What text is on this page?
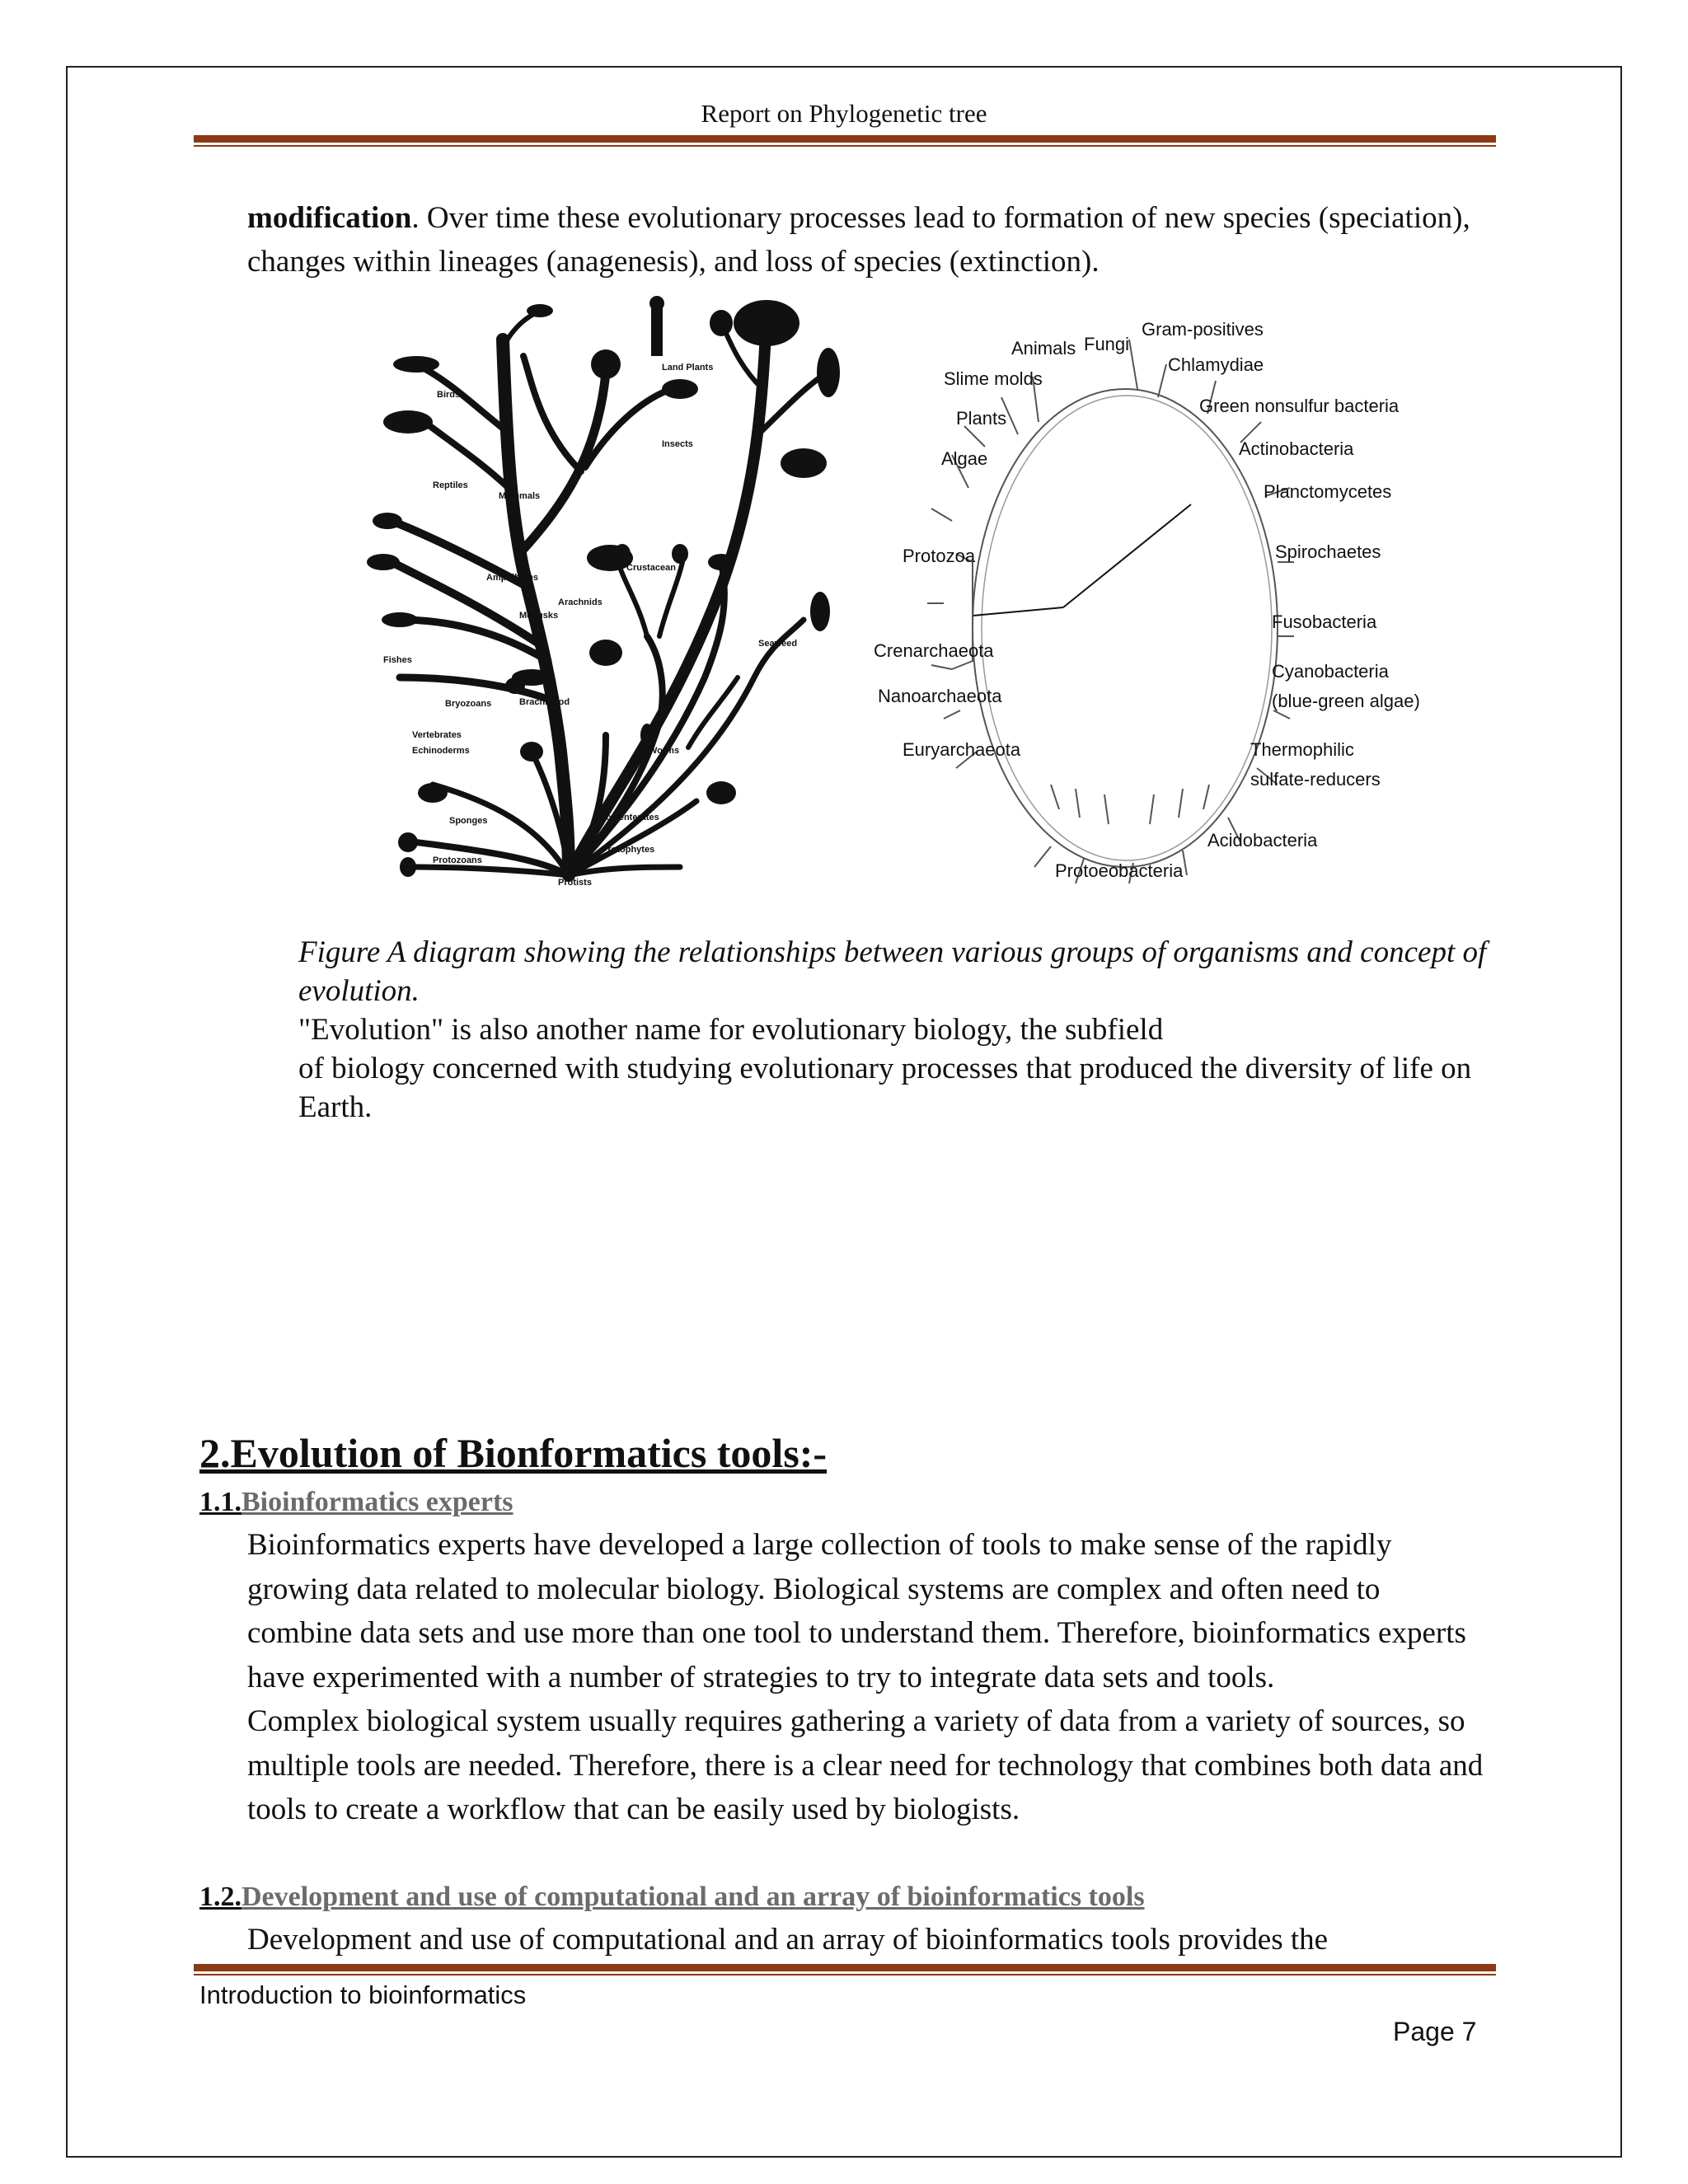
Report on Phylogenetic tree
modification. Over time these evolutionary processes lead to formation of new species (speciation), changes within lineages (anagenesis), and loss of species (extinction).
Birds
Reptiles
Mammals
Amphibians
Fishes
Land Plants
Insects
Crustacean
Arachnids
Mollusks
Seaweed
Bryozoans	Brachiopod
Vertebrates
Echinoderms	Worms
Sponges	Coelenterates
Protophytes
Protozoans
Protists
Animals Fungi
Slime molds
Plants
Algae
Protozoa
Crenarchaeota
Nanoarchaeota
Euryarchaeota
Gram-positives
Chlamydiae
Green nonsulfur bacteria
Actinobacteria
Planctomycetes
Spirochaetes
Fusobacteria
Cyanobacteria
(blue-green algae)
Thermophilic
sulfate-reducers
Acidobacteria
Protoeobacteria
Figure A diagram showing the relationships between various groups of organisms and concept of evolution.
"Evolution" is also another name for evolutionary biology, the subfield
of biology concerned with studying evolutionary processes that produced the diversity of life on Earth.
2.Evolution of Bionformatics tools:-
1.1.Bioinformatics experts
Bioinformatics experts have developed a large collection of tools to make sense of the rapidly growing data related to molecular biology. Biological systems are complex and often need to combine data sets and use more than one tool to understand them. Therefore, bioinformatics experts have experimented with a number of strategies to try to integrate data sets and tools.
Complex biological system usually requires gathering a variety of data from a variety of sources, so multiple tools are needed. Therefore, there is a clear need for technology that combines both data and tools to create a workflow that can be easily used by biologists.
1.2.Development and use of computational and an array of bioinformatics tools
Development and use of computational and an array of bioinformatics tools provides the
Introduction to bioinformatics
Page 7
